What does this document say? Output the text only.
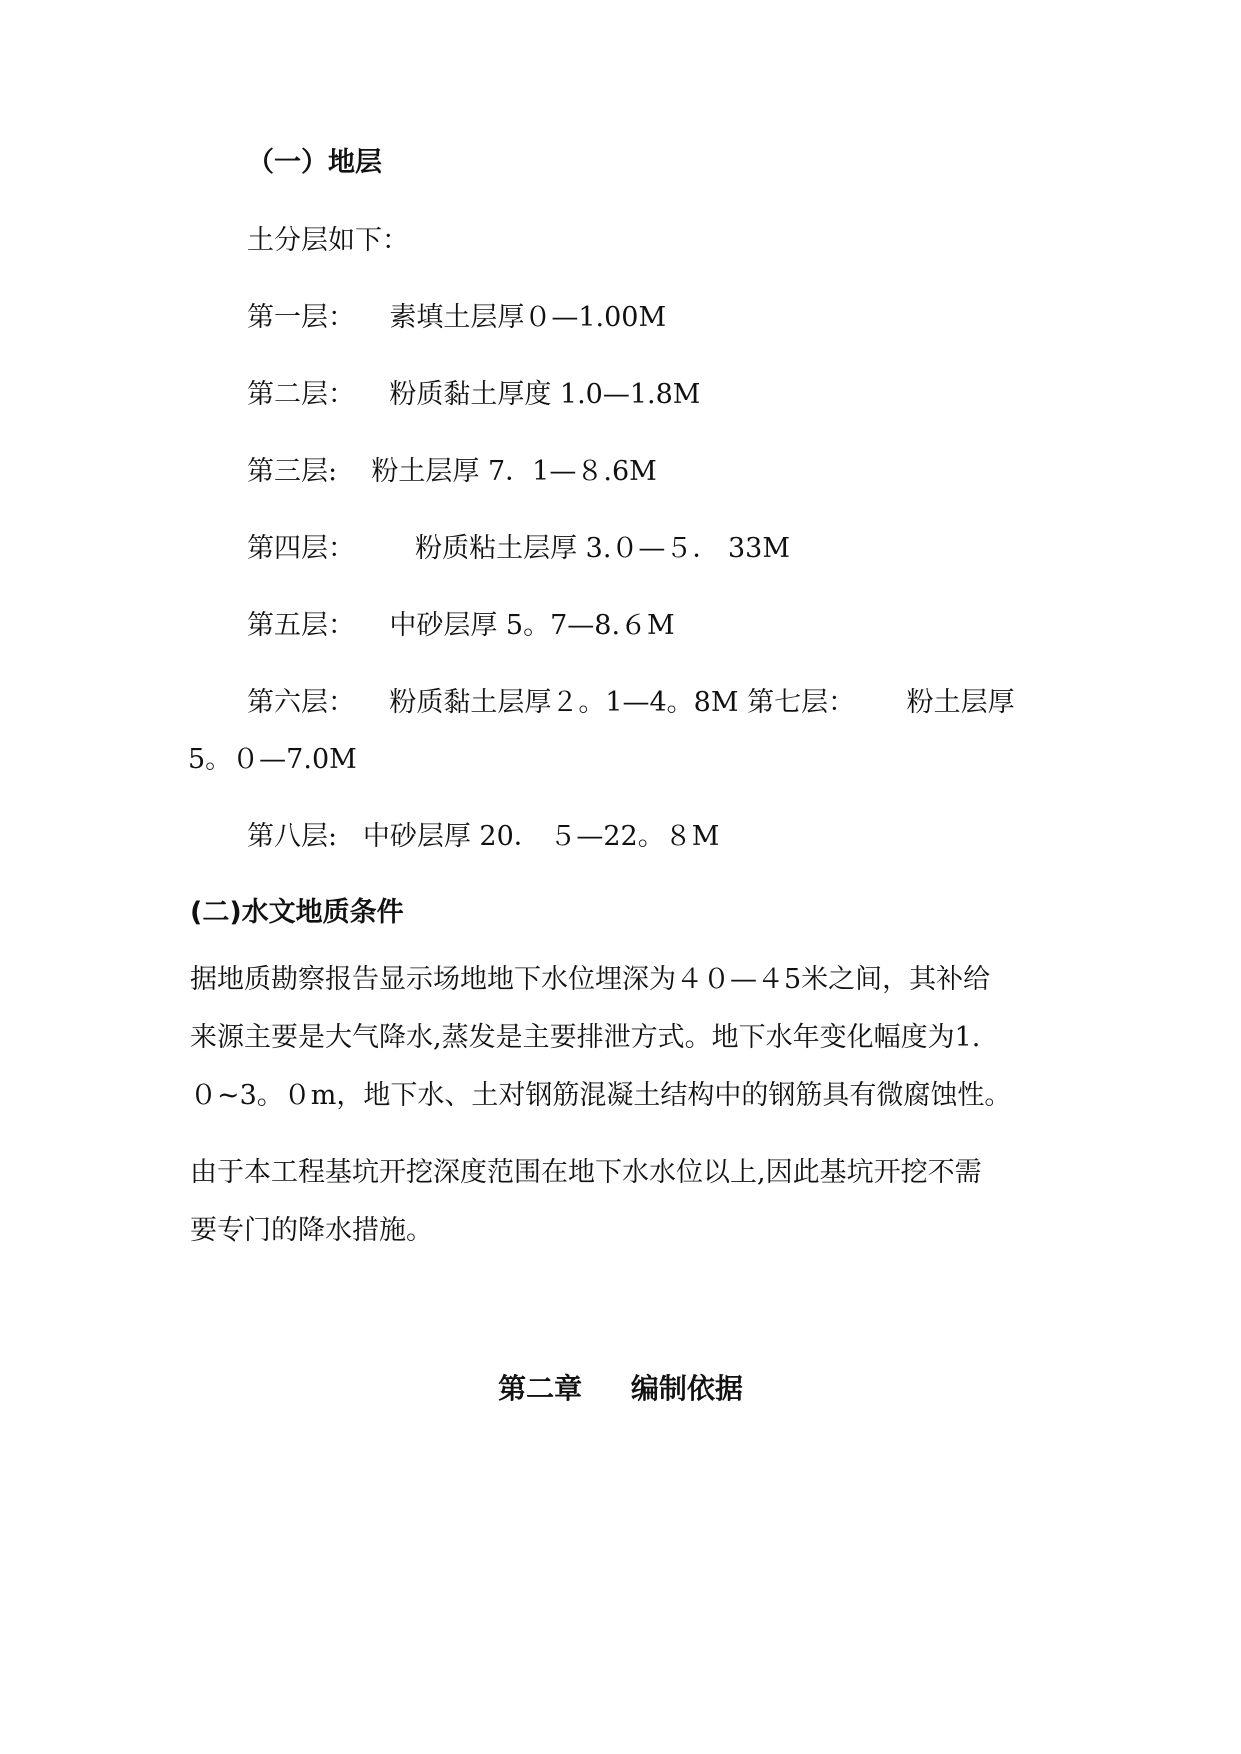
（一）地层
土分层如下：
第一层：    素填土层厚０—1.00M
第二层：    粉质黏土厚度 1.0—1.8M
第三层:    粉土层厚 7．1—８.6M
第四层：       粉质粘土层厚 3.０—５． 33M
第五层：    中砂层厚 5。7—8.６M
第六层：    粉质黏土层厚２。1—4。8M 第七层：      粉土层厚
5。０—7.0M
第八层:   中砂层厚 20． ５—22。８M
(二)水文地质条件
据地质勘察报告显示场地地下水位埋深为４０—４5米之间，其补给
来源主要是大气降水,蒸发是主要排泄方式。地下水年变化幅度为1.
０~3。０m，地下水、土对钢筋混凝土结构中的钢筋具有微腐蚀性。
由于本工程基坑开挖深度范围在地下水水位以上,因此基坑开挖不需
要专门的降水措施。
第二章     编制依据
